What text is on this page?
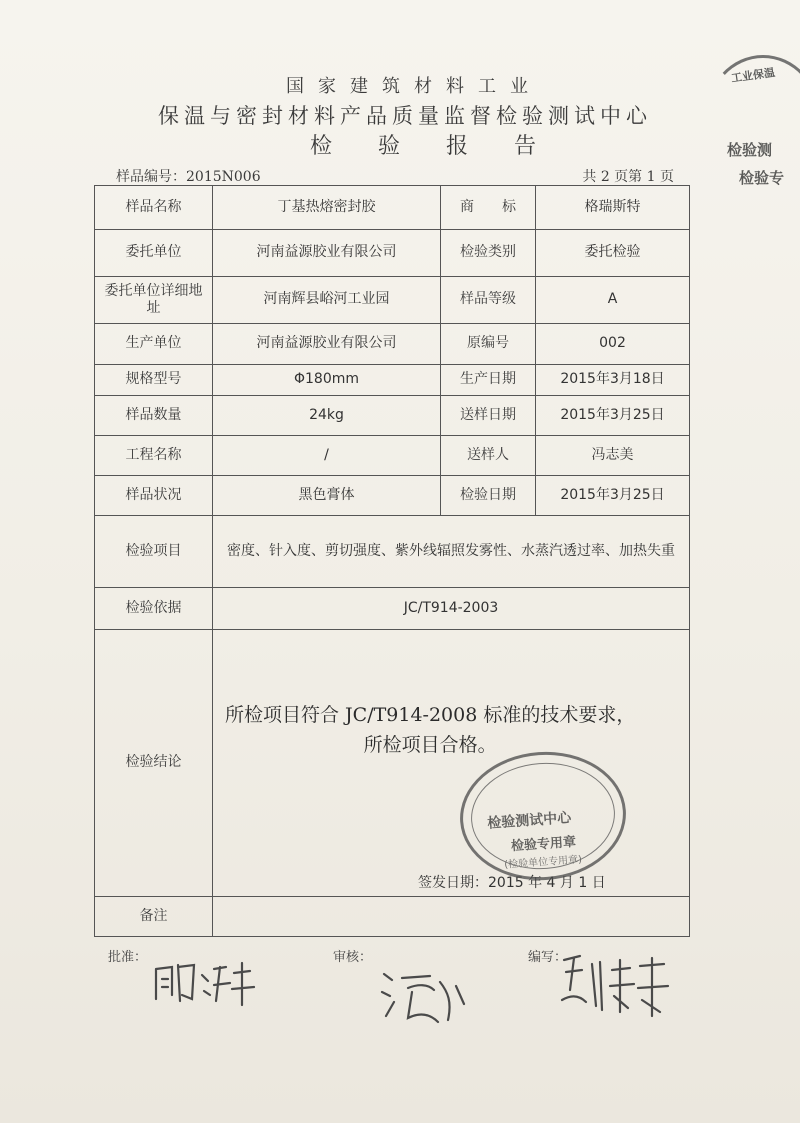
国家建筑材料工业
保温与密封材料产品质量监督检验测试中心
检验报告
样品编号：2015N006	共 2 页第 1 页
样品名称	丁基热熔密封胶	商　　标	格瑞斯特
委托单位	河南益源胶业有限公司	检验类别	委托检验
委托单位详细地址	河南辉县峪河工业园	样品等级	A
生产单位	河南益源胶业有限公司	原编号	002
规格型号	Φ180mm	生产日期	2015年3月18日
样品数量	24kg	送样日期	2015年3月25日
工程名称	/	送样人	冯志美
样品状况	黑色膏体	检验日期	2015年3月25日
检验项目	密度、针入度、剪切强度、紫外线辐照发雾性、水蒸汽透过率、加热失重		
检验依据	JC/T914-2003		
检验结论	所检项目符合 JC/T914-2008 标准的技术要求，
所检项目合格。
签发日期：2015 年 4 月 1 日		

备注			
检验测试中心
检验专用章
(检验单位专用章)
工业保温
检验测
检验专
批准：	审核：	编写：
